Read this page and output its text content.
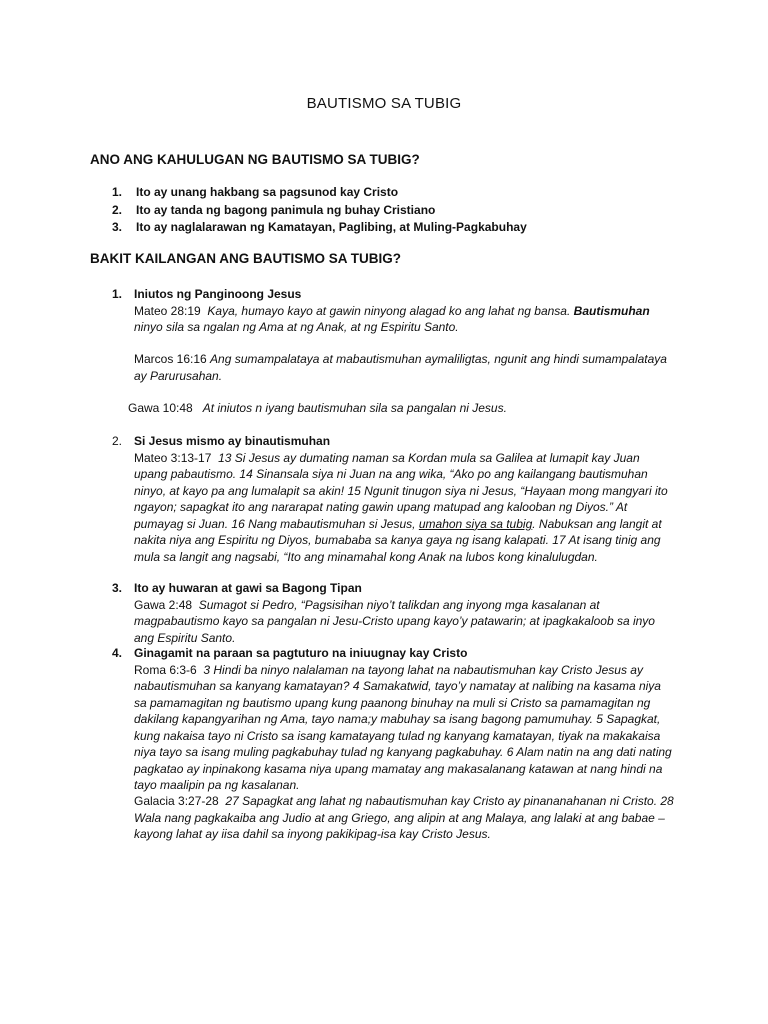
BAUTISMO SA TUBIG
ANO ANG KAHULUGAN NG BAUTISMO SA TUBIG?
1.	Ito ay unang hakbang sa pagsunod kay Cristo
2.	Ito ay tanda ng bagong panimula ng buhay Cristiano
3.	Ito ay naglalarawan ng Kamatayan, Paglibing, at Muling-Pagkabuhay
BAKIT KAILANGAN ANG BAUTISMO SA TUBIG?
1. Iniutos ng Panginoong Jesus
Mateo 28:19 Kaya, humayo kayo at gawin ninyong alagad ko ang lahat ng bansa. Bautismuhan ninyo sila sa ngalan ng Ama at ng Anak, at ng Espiritu Santo.
Marcos 16:16 Ang sumampalataya at mabautismuhan aymaliligtas, ngunit ang hindi sumampalataya ay Parurusahan.
Gawa 10:48 At iniutos n iyang bautismuhan sila sa pangalan ni Jesus.
2. Si Jesus mismo ay binautismuhan
Mateo 3:13-17 13 Si Jesus ay dumating naman sa Kordan mula sa Galilea at lumapit kay Juan upang pabautismo. 14 Sinansala siya ni Juan na ang wika, “Ako po ang kailangang bautismuhan ninyo, at kayo pa ang lumalapit sa akin! 15 Ngunit tinugon siya ni Jesus, “Hayaan mong mangyari ito ngayon; sapagkat ito ang nararapat nating gawin upang matupad ang kalooban ng Diyos.” At pumayag si Juan. 16 Nang mabautismuhan si Jesus, umahon siya sa tubig. Nabuksan ang langit at nakita niya ang Espiritu ng Diyos, bumababa sa kanya gaya ng isang kalapati. 17 At isang tinig ang mula sa langit ang nagsabi, “Ito ang minamahal kong Anak na lubos kong kinalulugdan.
3. Ito ay huwaran at gawi sa Bagong Tipan
Gawa 2:48 Sumagot si Pedro, “Pagsisihan niyo’t talikdan ang inyong mga kasalanan at magpabautismo kayo sa pangalan ni Jesu-Cristo upang kayo’y patawarin; at ipagkakaloob sa inyo ang Espiritu Santo.
4. Ginagamit na paraan sa pagtuturo na iniuugnay kay Cristo
Roma 6:3-6 3 Hindi ba ninyo nalalaman na tayong lahat na nabautismuhan kay Cristo Jesus ay nabautismuhan sa kanyang kamatayan? 4 Samakatwid, tayo’y namatay at nalibing na kasama niya sa pamamagitan ng bautismo upang kung paanong binuhay na muli si Cristo sa pamamagitan ng dakilang kapangyarihan ng Ama, tayo nama;y mabuhay sa isang bagong pamumuhay. 5 Sapagkat, kung nakaisa tayo ni Cristo sa isang kamatayang tulad ng kanyang kamatayan, tiyak na makakaisa niya tayo sa isang muling pagkabuhay tulad ng kanyang pagkabuhay. 6 Alam natin na ang dati nating pagkatao ay inpinakong kasama niya upang mamatay ang makasalanang katawan at nang hindi na tayo maalipin pa ng kasalanan.
Galacia 3:27-28 27 Sapagkat ang lahat ng nabautismuhan kay Cristo ay pinananahanan ni Cristo. 28 Wala nang pagkakaiba ang Judio at ang Griego, ang alipin at ang Malaya, ang lalaki at ang babae – kayong lahat ay iisa dahil sa inyong pakikipag-isa kay Cristo Jesus.
